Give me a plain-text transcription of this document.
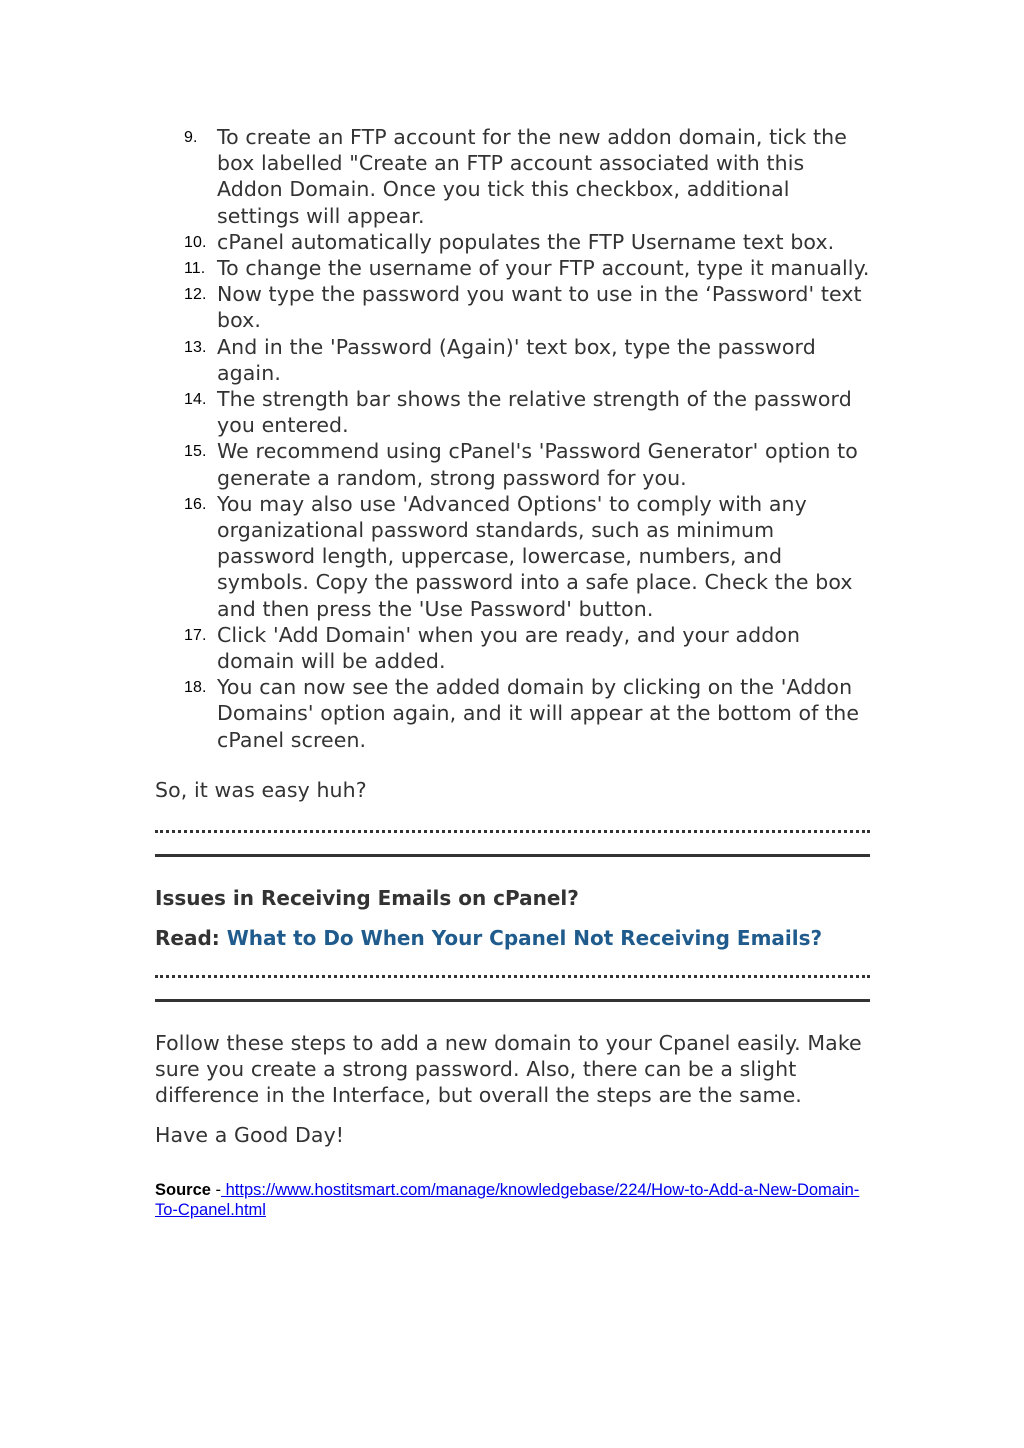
9. To create an FTP account for the new addon domain, tick the box labelled "Create an FTP account associated with this Addon Domain. Once you tick this checkbox, additional settings will appear.
10. cPanel automatically populates the FTP Username text box.
11. To change the username of your FTP account, type it manually.
12. Now type the password you want to use in the ‘Password' text box.
13. And in the 'Password (Again)' text box, type the password again.
14. The strength bar shows the relative strength of the password you entered.
15. We recommend using cPanel's 'Password Generator' option to generate a random, strong password for you.
16. You may also use 'Advanced Options' to comply with any organizational password standards, such as minimum password length, uppercase, lowercase, numbers, and symbols. Copy the password into a safe place. Check the box and then press the 'Use Password' button.
17. Click 'Add Domain' when you are ready, and your addon domain will be added.
18. You can now see the added domain by clicking on the 'Addon Domains' option again, and it will appear at the bottom of the cPanel screen.

So, it was easy huh?

Issues in Receiving Emails on cPanel?

Read: What to Do When Your Cpanel Not Receiving Emails?

Follow these steps to add a new domain to your Cpanel easily. Make sure you create a strong password. Also, there can be a slight difference in the Interface, but overall the steps are the same.

Have a Good Day!

Source - https://www.hostitsmart.com/manage/knowledgebase/224/How-to-Add-a-New-Domain-To-Cpanel.html
